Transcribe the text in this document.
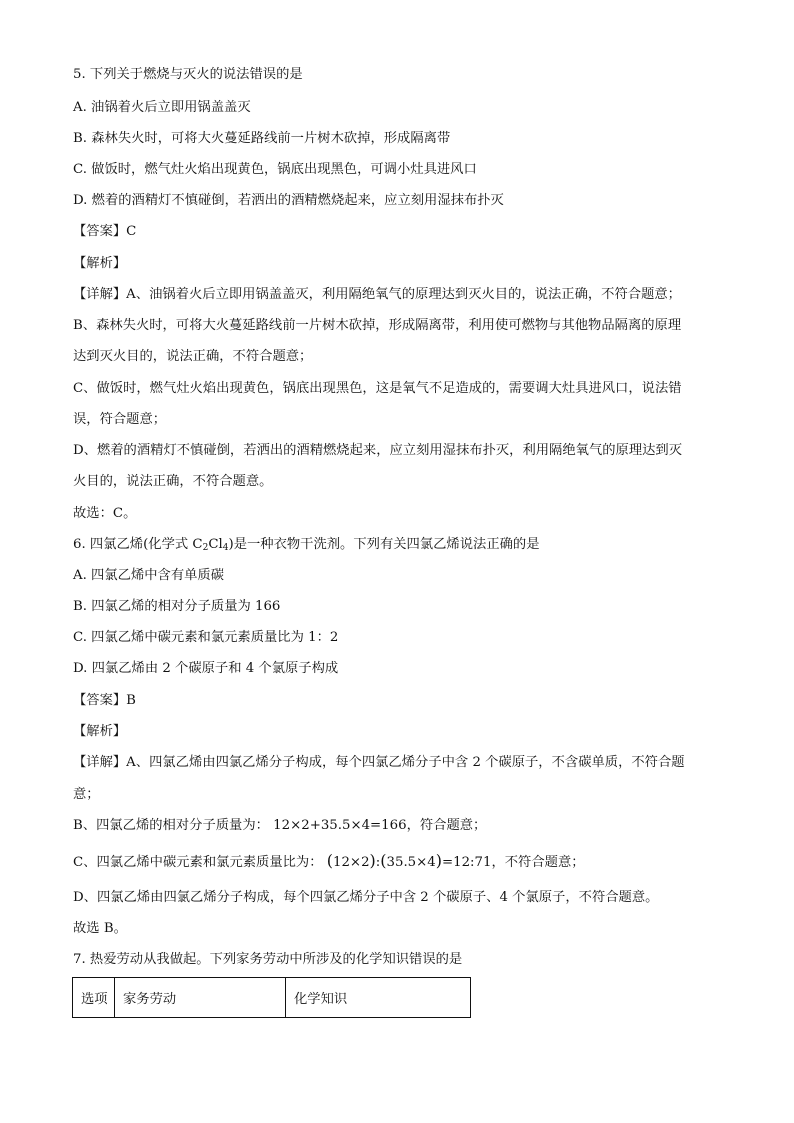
5. 下列关于燃烧与灭火的说法错误的是
A. 油锅着火后立即用锅盖盖灭
B. 森林失火时，可将大火蔓延路线前一片树木砍掉，形成隔离带
C. 做饭时，燃气灶火焰出现黄色，锅底出现黑色，可调小灶具进风口
D. 燃着的酒精灯不慎碰倒，若洒出的酒精燃烧起来，应立刻用湿抹布扑灭
【答案】C
【解析】
【详解】A、油锅着火后立即用锅盖盖灭，利用隔绝氧气的原理达到灭火目的，说法正确，不符合题意；
B、森林失火时，可将大火蔓延路线前一片树木砍掉，形成隔离带，利用使可燃物与其他物品隔离的原理
达到灭火目的，说法正确，不符合题意；
C、做饭时，燃气灶火焰出现黄色，锅底出现黑色，这是氧气不足造成的，需要调大灶具进风口，说法错
误，符合题意；
D、燃着的酒精灯不慎碰倒，若洒出的酒精燃烧起来，应立刻用湿抹布扑灭，利用隔绝氧气的原理达到灭
火目的，说法正确，不符合题意。
故选：C。
6. 四氯乙烯(化学式 $C_2Cl_4$)是一种衣物干洗剂。下列有关四氯乙烯说法正确的是
A. 四氯乙烯中含有单质碳
B. 四氯乙烯的相对分子质量为 166
C. 四氯乙烯中碳元素和氯元素质量比为 1：2
D. 四氯乙烯由 2 个碳原子和 4 个氯原子构成
【答案】B
【解析】
【详解】A、四氯乙烯由四氯乙烯分子构成，每个四氯乙烯分子中含 2 个碳原子，不含碳单质，不符合题
意；
B、四氯乙烯的相对分子质量为： 12×2+35.5×4=166，符合题意；
C、四氯乙烯中碳元素和氯元素质量比为： (12×2):(35.5×4)=12:71，不符合题意；
D、四氯乙烯由四氯乙烯分子构成，每个四氯乙烯分子中含 2 个碳原子、4 个氯原子，不符合题意。
故选 B。
7. 热爱劳动从我做起。下列家务劳动中所涉及的化学知识错误的是
选项	家务劳动	化学知识
